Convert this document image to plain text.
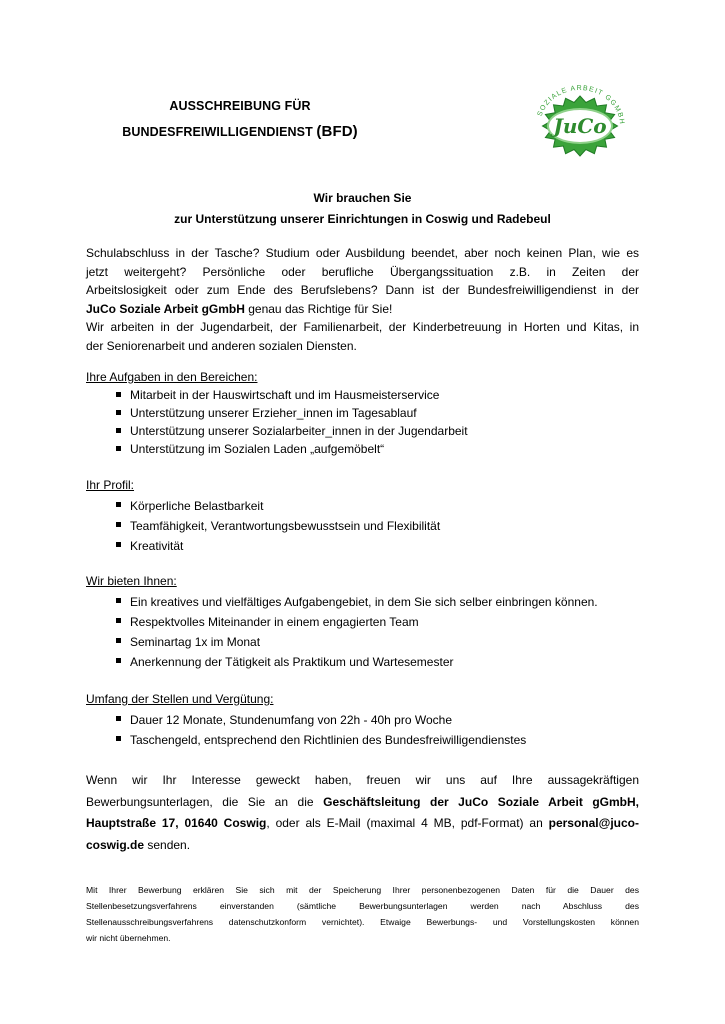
AUSSCHREIBUNG FÜR
BUNDESFREIWILLIGENDIENST (BFD)
SOZIALE ARBEIT GGMBH
JuCo
Wir brauchen Sie
zur Unterstützung unserer Einrichtungen in Coswig und Radebeul
Schulabschluss in der Tasche? Studium oder Ausbildung beendet, aber noch keinen Plan, wie es
jetzt weitergeht? Persönliche oder berufliche Übergangssituation z.B. in Zeiten der
Arbeitslosigkeit oder zum Ende des Berufslebens? Dann ist der Bundesfreiwilligendienst in der
JuCo Soziale Arbeit gGmbH genau das Richtige für Sie!
Wir arbeiten in der Jugendarbeit, der Familienarbeit, der Kinderbetreuung in Horten und Kitas, in
der Seniorenarbeit und anderen sozialen Diensten.
Ihre Aufgaben in den Bereichen:
Mitarbeit in der Hauswirtschaft und im Hausmeisterservice
Unterstützung unserer Erzieher_innen im Tagesablauf
Unterstützung unserer Sozialarbeiter_innen in der Jugendarbeit
Unterstützung im Sozialen Laden „aufgemöbelt“
Ihr Profil:
Körperliche Belastbarkeit
Teamfähigkeit, Verantwortungsbewusstsein und Flexibilität
Kreativität
Wir bieten Ihnen:
Ein kreatives und vielfältiges Aufgabengebiet, in dem Sie sich selber einbringen können.
Respektvolles Miteinander in einem engagierten Team
Seminartag 1x im Monat
Anerkennung der Tätigkeit als Praktikum und Wartesemester
Umfang der Stellen und Vergütung:
Dauer 12 Monate, Stundenumfang von 22h - 40h pro Woche
Taschengeld, entsprechend den Richtlinien des Bundesfreiwilligendienstes
Wenn wir Ihr Interesse geweckt haben, freuen wir uns auf Ihre aussagekräftigen
Bewerbungsunterlagen, die Sie an die Geschäftsleitung der JuCo Soziale Arbeit gGmbH,
Hauptstraße 17, 01640 Coswig, oder als E-Mail (maximal 4 MB, pdf-Format) an personal@juco-
coswig.de senden.
Mit Ihrer Bewerbung erklären Sie sich mit der Speicherung Ihrer personenbezogenen Daten für die Dauer des
Stellenbesetzungsverfahrens einverstanden (sämtliche Bewerbungsunterlagen werden nach Abschluss des
Stellenausschreibungsverfahrens datenschutzkonform vernichtet). Etwaige Bewerbungs- und Vorstellungskosten können
wir nicht übernehmen.
